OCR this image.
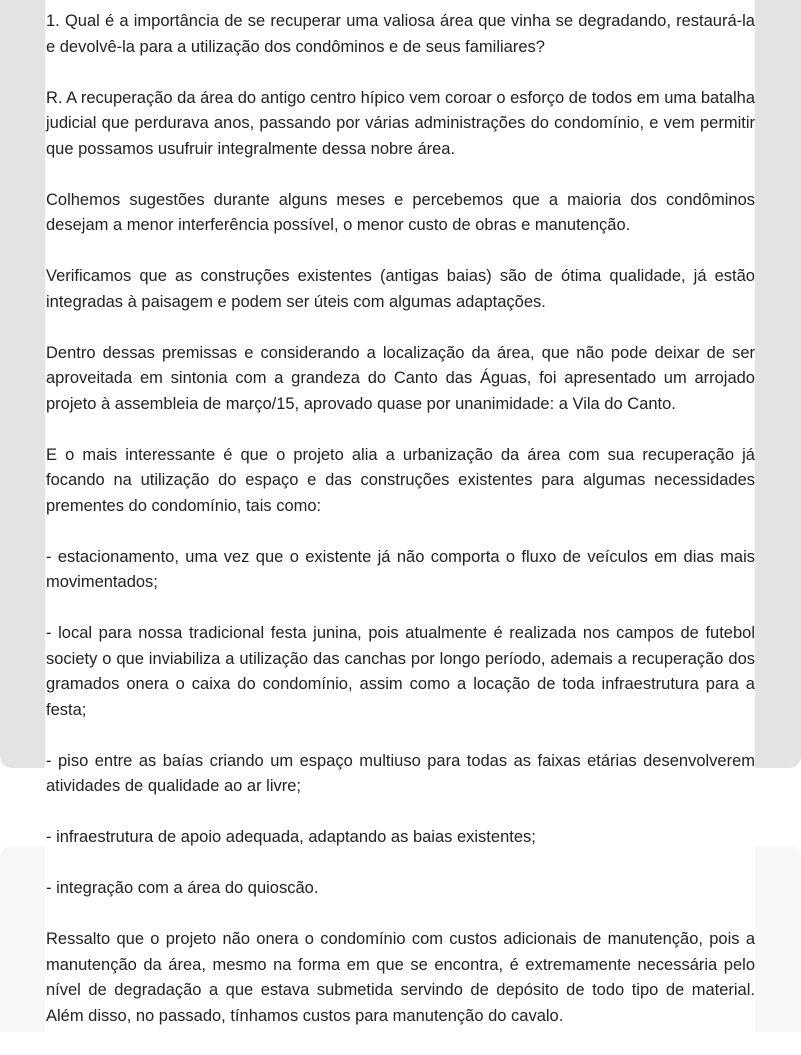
1. Qual é a importância de se recuperar uma valiosa área que vinha se degradando, restaurá-la e devolvê-la para a utilização dos condôminos e de seus familiares?

R. A recuperação da área do antigo centro hípico vem coroar o esforço de todos em uma batalha judicial que perdurava anos, passando por várias administrações do condomínio, e vem permitir que possamos usufruir integralmente dessa nobre área.

Colhemos sugestões durante alguns meses e percebemos que a maioria dos condôminos desejam a menor interferência possível, o menor custo de obras e manutenção.

Verificamos que as construções existentes (antigas baias) são de ótima qualidade, já estão integradas à paisagem e podem ser úteis com algumas adaptações.

Dentro dessas premissas e considerando a localização da área, que não pode deixar de ser aproveitada em sintonia com a grandeza do Canto das Águas, foi apresentado um arrojado projeto à assembleia de março/15, aprovado quase por unanimidade: a Vila do Canto.

E o mais interessante é que o projeto alia a urbanização da área com sua recuperação já focando na utilização do espaço e das construções existentes para algumas necessidades prementes do condomínio, tais como:

- estacionamento, uma vez que o existente já não comporta o fluxo de veículos em dias mais movimentados;

- local para nossa tradicional festa junina, pois atualmente é realizada nos campos de futebol society o que inviabiliza a utilização das canchas por longo período, ademais a recuperação dos gramados onera o caixa do condomínio, assim como a locação de toda infraestrutura para a festa;

- piso entre as baías criando um espaço multiuso para todas as faixas etárias desenvolverem atividades de qualidade ao ar livre;

- infraestrutura de apoio adequada, adaptando as baias existentes;

- integração com a área do quioscão.

Ressalto que o projeto não onera o condomínio com custos adicionais de manutenção, pois a manutenção da área, mesmo na forma em que se encontra, é extremamente necessária pelo nível de degradação a que estava submetida servindo de depósito de todo tipo de material. Além disso, no passado, tínhamos custos para manutenção do cavalo.
